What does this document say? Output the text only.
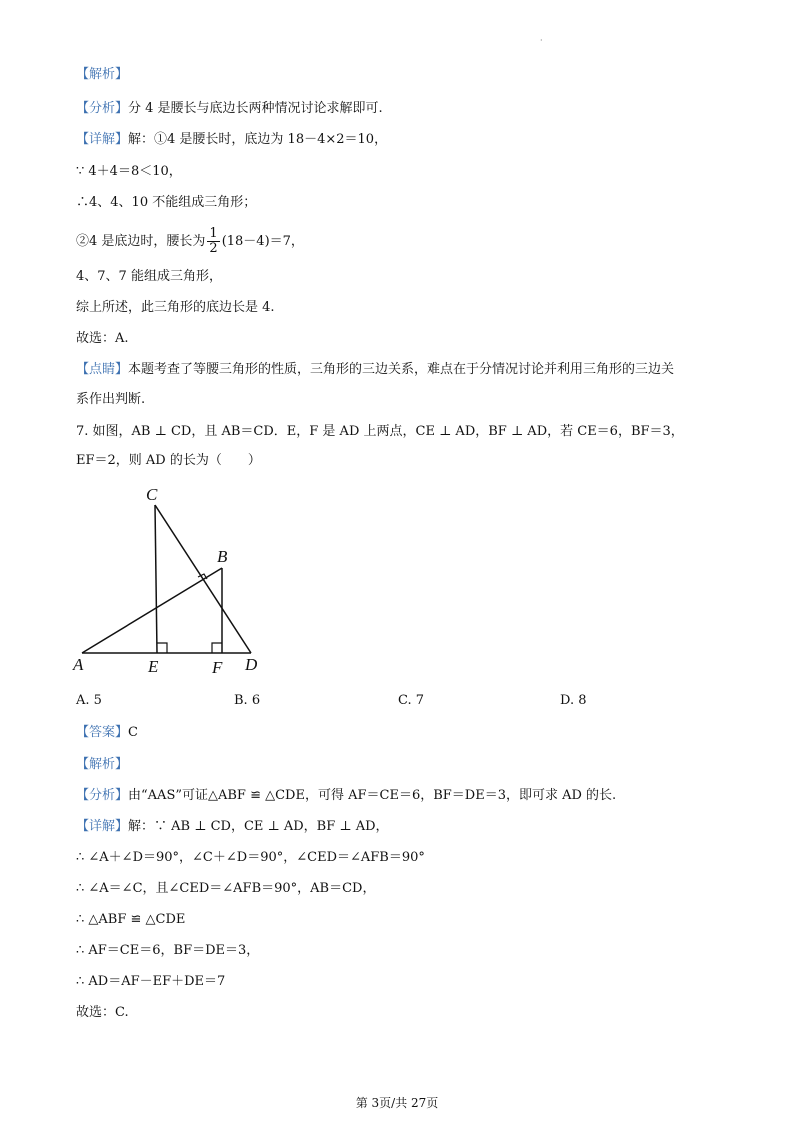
·
【解析】
【分析】分 4 是腰长与底边长两种情况讨论求解即可.
【详解】解：①4 是腰长时，底边为 18－4×2＝10，
∵ 4＋4＝8＜10，
∴4、4、10 不能组成三角形；
②4 是底边时，腰长为 $\frac{1}{2} (18-4)=7$，
4、7、7 能组成三角形，
综上所述，此三角形的底边长是 4.
故选：A.
【点睛】本题考查了等腰三角形的性质，三角形的三边关系，难点在于分情况讨论并利用三角形的三边关
系作出判断.
7. 如图，AB ⊥ CD，且 AB＝CD．E，F 是 AD 上两点，CE ⊥ AD，BF ⊥ AD，若 CE＝6，BF＝3，
EF＝2，则 AD 的长为（　　）
C
B
A	E	F D
A. 5	B. 6	C. 7	D. 8
【答案】C
【解析】
【分析】由“AAS”可证△ABF ≌ △CDE，可得 AF＝CE＝6，BF＝DE＝3，即可求 AD 的长.
【详解】解：∵ AB ⊥ CD，CE ⊥ AD，BF ⊥ AD，
∴ ∠A＋∠D＝90°，∠C＋∠D＝90°，∠CED＝∠AFB＝90°
∴ ∠A＝∠C，且∠CED＝∠AFB＝90°，AB＝CD，
∴ △ABF ≌ △CDE
∴ AF＝CE＝6，BF＝DE＝3，
∴ AD＝AF－EF＋DE＝7
故选：C.
第 3页/共 27页
